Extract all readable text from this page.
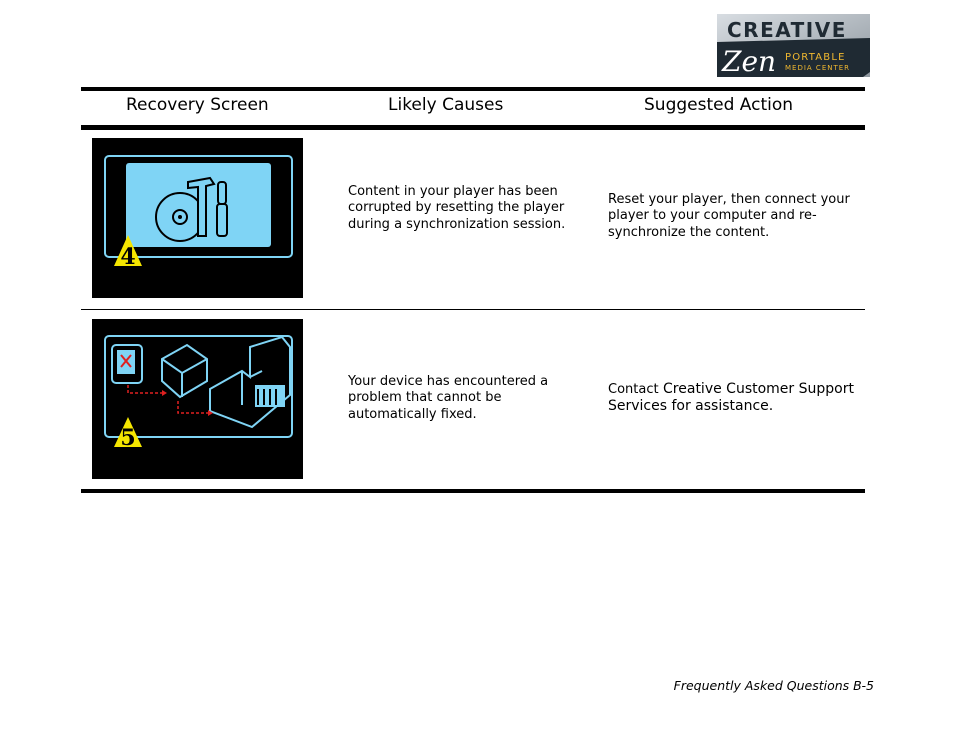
CREATIVE
Zen PORTABLE
MEDIA CENTER
Recovery Screen	Likely Causes	Suggested Action
4
Content in your player has been corrupted by resetting the player during a synchronization session.
Reset your player, then connect your player to your computer and re-synchronize the content.
5
Your device has encountered a problem that cannot be automatically fixed.
Contact Creative Customer Support Services for assistance.
Frequently Asked Questions B-5
